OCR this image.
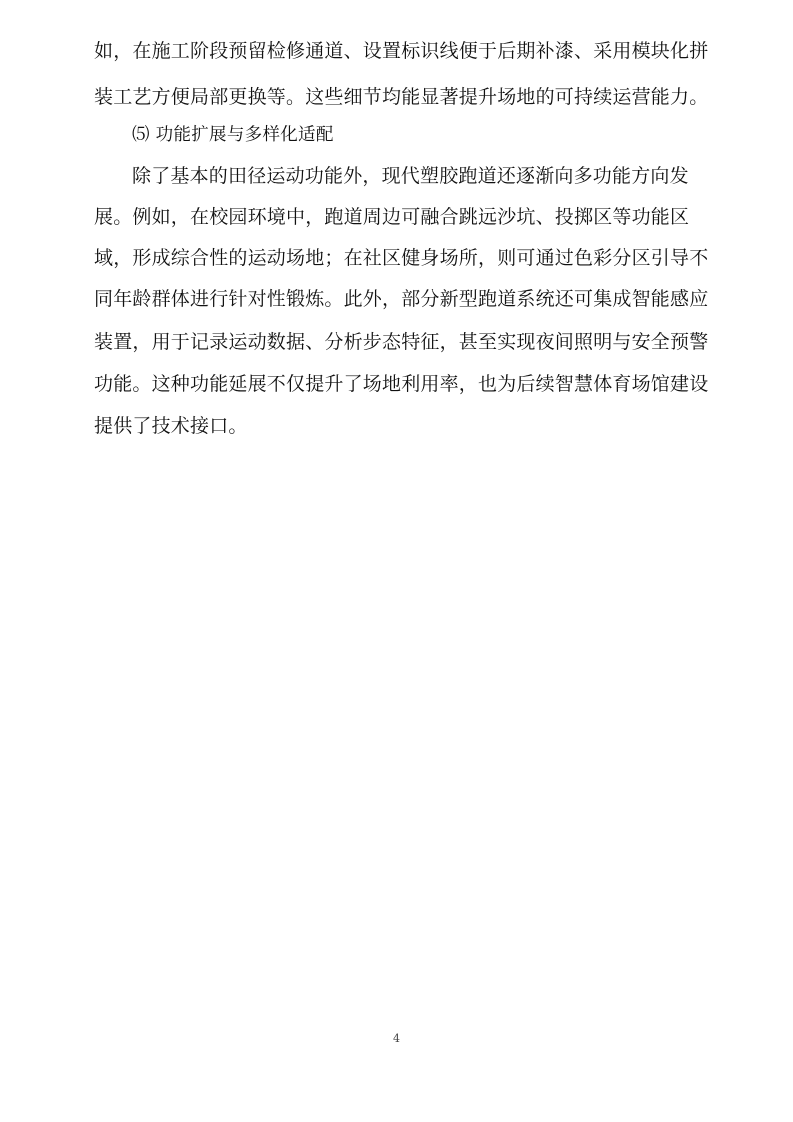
如，在施工阶段预留检修通道、设置标识线便于后期补漆、采用模块化拼
装工艺方便局部更换等。这些细节均能显著提升场地的可持续运营能力。
⑸ 功能扩展与多样化适配
除了基本的田径运动功能外，现代塑胶跑道还逐渐向多功能方向发
展。例如，在校园环境中，跑道周边可融合跳远沙坑、投掷区等功能区
域，形成综合性的运动场地；在社区健身场所，则可通过色彩分区引导不
同年龄群体进行针对性锻炼。此外，部分新型跑道系统还可集成智能感应
装置，用于记录运动数据、分析步态特征，甚至实现夜间照明与安全预警
功能。这种功能延展不仅提升了场地利用率，也为后续智慧体育场馆建设
提供了技术接口。
4
